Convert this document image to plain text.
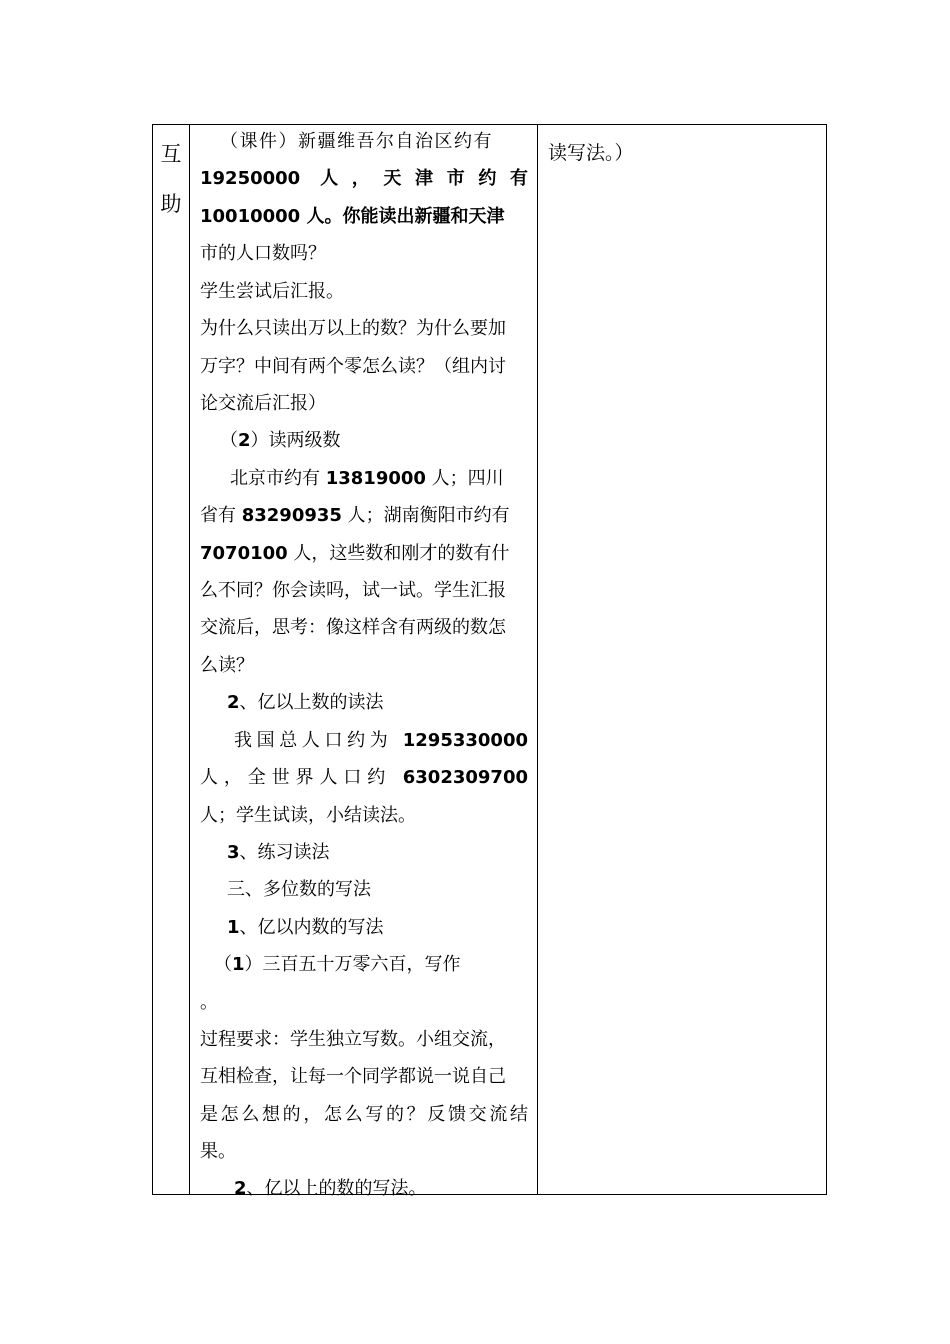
互
助
（课件）新疆维吾尔自治区约有
19250000 人，天津市约有
10010000 人。你能读出新疆和天津
市的人口数吗？
学生尝试后汇报。
为什么只读出万以上的数？为什么要加
万字？中间有两个零怎么读？（组内讨
论交流后汇报）
（2）读两级数
北京市约有 13819000 人；四川
省有 83290935 人；湖南衡阳市约有
7070100 人，这些数和刚才的数有什
么不同？你会读吗，试一试。学生汇报
交流后，思考：像这样含有两级的数怎
么读？
2、亿以上数的读法
我国总人口约为 1295330000
人，全世界人口约 6302309700
人；学生试读，小结读法。
3、练习读法
三、多位数的写法
1、亿以内数的写法
（1）三百五十万零六百，写作
。
过程要求：学生独立写数。小组交流，
互相检查，让每一个同学都说一说自己
是怎么想的，怎么写的？反馈交流结
果。
2、亿以上的数的写法。
读写法。）
